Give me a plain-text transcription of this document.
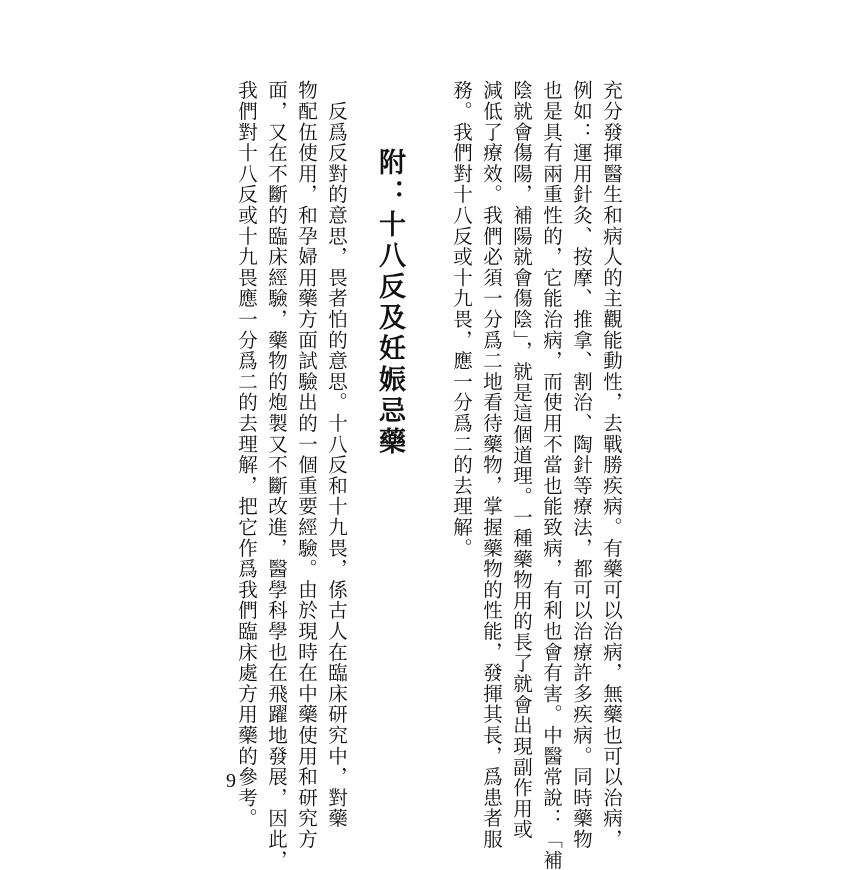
充分發揮醫生和病人的主觀能動性，去戰勝疾病。有藥可以治病，無藥也可以治病，
例如：運用針灸、按摩、推拿、割治、陶針等療法，都可以治療許多疾病。同時藥物
也是具有兩重性的，它能治病，而使用不當也能致病，有利也會有害。中醫常說：「補
陰就會傷陽，補陽就會傷陰」，就是這個道理。一種藥物用的長了就會出現副作用或
減低了療效。我們必須一分爲二地看待藥物，掌握藥物的性能，發揮其長，爲患者服
務。我們對十八反或十九畏，應一分爲二的去理解。
附：十八反及妊娠忌藥
　反爲反對的意思，畏者怕的意思。十八反和十九畏，係古人在臨床研究中，對藥
物配伍使用，和孕婦用藥方面試驗出的一個重要經驗。由於現時在中藥使用和研究方
面，又在不斷的臨床經驗，藥物的炮製又不斷改進，醫學科學也在飛躍地發展，因此，
我們對十八反或十九畏應一分爲二的去理解，把它作爲我們臨床處方用藥的參考。
9
